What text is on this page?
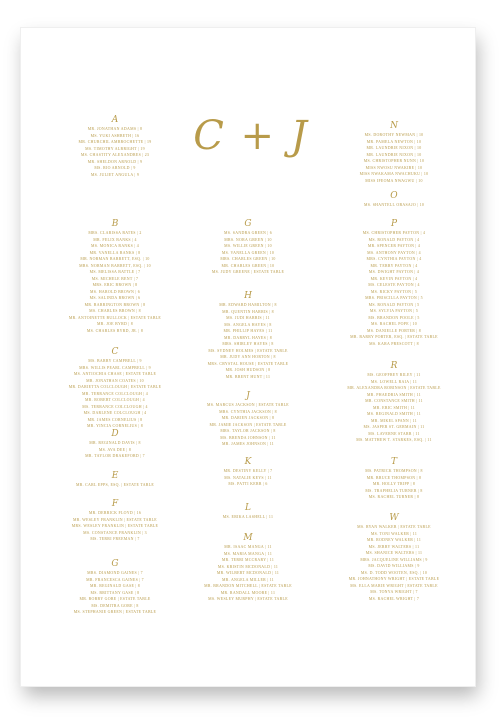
C + J
A
MR. JONATHAN ADAMS | 8
MS. YUKI ASHBETH | 16
MR. CHURCHIL AMBROCHETTE | 19
MS. TIMOTHY ALBRIGHT | 19
MS. CHASTITY ALEXANDRES | 23
MR. SHELDON ARNOLD | 9
MS. RIO ARNOLD | 9
MS. JULIET ANGULA | 9
B
MRS. CLARISSA BATES | 2
MR. FELIX BANKS | 4
MS. MONICA BANKS | 4
MR. VANELLA BANKS | 8
MR. NORMAN BARRETT, ESQ. | 10
MRS. NORMAN BARRETT, ESQ. | 10
MS. MELISSA BATTLE | 7
MS. MICHELE BENT | 7
MRS. ERIC BROWN | 8
MS. HAROLD BROWN | 6
MS. SALINDA BROWN | 6
MR. BARRINGTON BROWN | 8
MS. CHARLES BROWN | 8
MR. ANTOINETTE BULLOCK | ESTATE TABLE
MR. JOE BYRD | 8
MS. CHARLES BYRD, JR. | 8
C
MS. BARRY CAMPBELL | 9
MRS. WILLIS PEARL CAMPBELL | 9
MS. ANTIOCHIA CHASE | ESTATE TABLE
MR. JONATHAN COATES | 10
MR. DARIETTA COLCLOUGH | ESTATE TABLE
MR. TERRANCE COLCLOUGH | 4
MR. ROBERT COLCLOUGH | 4
MS. TERRANCE COLCLOUGH | 4
MS. DARLENE COLCLOUGH | 4
MR. JAMES CORNELIUS | 8
MR. YINCIA CORNELIUS | 8
D
MR. REGINALD DAVIS | 8
MS. AVA DEE | 8
MR. TAYLOR DRAKEFORD | 7
E
MR. CARL EPPS, ESQ. | ESTATE TABLE
F
MR. DERRICK FLOYD | 16
MR. WESLEY FRANKLIN | ESTATE TABLE
MRS. WESLEY FRANKLIN | ESTATE TABLE
MS. CONSTANCE FRANKLIN | 3
MS. TERRI FREEMAN | 7
G
MRS. DIAMOND GAINES | 7
MR. FRANCESCA GAINES | 7
MR. REGINALD GASE | 8
MS. BRITTANY GASE | 8
MR. BOBBY GORE | ESTATE TABLE
MS. DEMITRA GORE | 8
MS. STEPHANIE GREEN | ESTATE TABLE
G
MS. SANDRA GREEN | 6
MRS. NORA GREEN | 10
MS. WILLIE GREEN | 10
MS. VANELLA GREEN | 10
MRS. CHARLES GREEN | 10
MR. CHARLES GREEN | 10
MS. JUDY GREENE | ESTATE TABLE
H
MR. EDWARD HAMILTON | 8
MR. QUENTIN HARRIS | 8
MS. JUDI HARRIS | 11
MS. ANGELA HAYES | 8
MR. PHILLIP HAYES | 11
MR. DARRYL HAYES | 8
MRS. SHIRLEY HAYES | 8
MS. SYDNEY HOLMES | ESTATE TABLE
MR. JUDY ANN HORTON | 8
MRS. CRYSTAL HOUSE | ESTATE TABLE
MR. JOSH HUDSON | 8
MR. BRENT HUNT | 11
J
MS. MARCUS JACKSON | ESTATE TABLE
MRS. CYNTHIA JACKSON | 8
MR. DARIEN JACKSON | 8
MR. JAMIE JACKSON | ESTATE TABLE
MRS. TAYLOR JACKSON | 8
MS. BRENDA JOHNSON | 11
MR. JAMES JOHNSON | 11
K
MR. DESTINY KELLY | 7
MS. NATALIE KEYS | 11
MS. PATTI KERR | 6
L
MS. ERIKA LASHELL | 11
M
MR. ISAAC MANGA | 11
MS. MARIA MANGA | 11
MR. TERRI MCCRARY | 11
MS. KRISTIN MCDONALD | 11
MR. WILBERT MCDONALD | 11
MR. ANGELA MILLER | 11
MR. BRANDON MITCHELL | ESTATE TABLE
MR. RANDALL MOORE | 11
MS. WESLEY MURPHY | ESTATE TABLE
N
MS. DOROTHY NEWMAN | 10
MR. PAMELA NEWTON | 10
MR. LAUNDRIE NIXON | 10
MR. LAUNDRIE NIXON | 10
MS. CHRISTOPHER NUNN | 10
MISS NWOSU NWAKIBE | 10
MISS NWAKAMA NWACHUKU | 10
MISS IFEOMA NWAGWU | 10
O
MS. SHANTELL OBASAJO | 10
P
MS. CHRISTOPHER PAYTON | 4
MS. RONALD PAYTON | 4
MR. SPENCER PAYTON | 4
MS. ANTHONY PAYTON | 4
MRS. CYNTHIA PAYTON | 4
MR. TERRY PAYTON | 4
MS. DWIGHT PAYTON | 4
MR. KEVIN PAYTON | 4
MS. CELESTE PAYTON | 4
MS. RICKY PAYTON | 5
MRS. PRISCILLA PAYTON | 5
MS. RONALD PAYTON | 5
MS. SYLVIA PAYTON | 5
MS. BRANDON POOLE | 5
MS. RACHEL POPE | 10
MS. DANIELLE PORTER | 8
MR. BARRY PORTER, ESQ. | ESTATE TABLE
MS. KARA PRESCOTT | 8
R
MS. GEOFFREY RILEY | 11
MS. LOWELL RAIA | 11
MR. ALEXANDRA ROBINSON | ESTATE TABLE
MR. PHAEDRIA SMITH | 11
MR. CONSTANCE SMITH | 11
MR. ERIC SMITH | 11
MS. REGINALD SMITH | 11
MR. MIKEL SPANN | 11
MS. JASPER ST. GERMAIN | 11
MS. LAVERNE STARR | 11
MS. MATTHEW T. STARKES, ESQ. | 11
T
MS. PATRICK THOMPSON | 8
MR. BRUCE THOMPSON | 8
MR. HOLLY TRIPP | 8
MS. TRAPHELIA TURNER | 8
MS. RACHEL TURNER | 8
W
MS. RYAN WALKER | ESTATE TABLE
MS. TONI WALKER | 11
MR. RODNEY WALKER | 11
MS. JERRY WALTERS | 11
MS. SHANICE WALTERS | 11
MRS. JACQUELINE WILLIAMS | 9
MS. DAVID WILLIAMS | 9
MS. D. TODD WOOTEN, ESQ. | 10
MR. JOHNATHONY WRIGHT | ESTATE TABLE
MS. ELLA MARIE WRIGHT | ESTATE TABLE
MS. TONYA WRIGHT | 7
MS. RACHEL WRIGHT | 7
